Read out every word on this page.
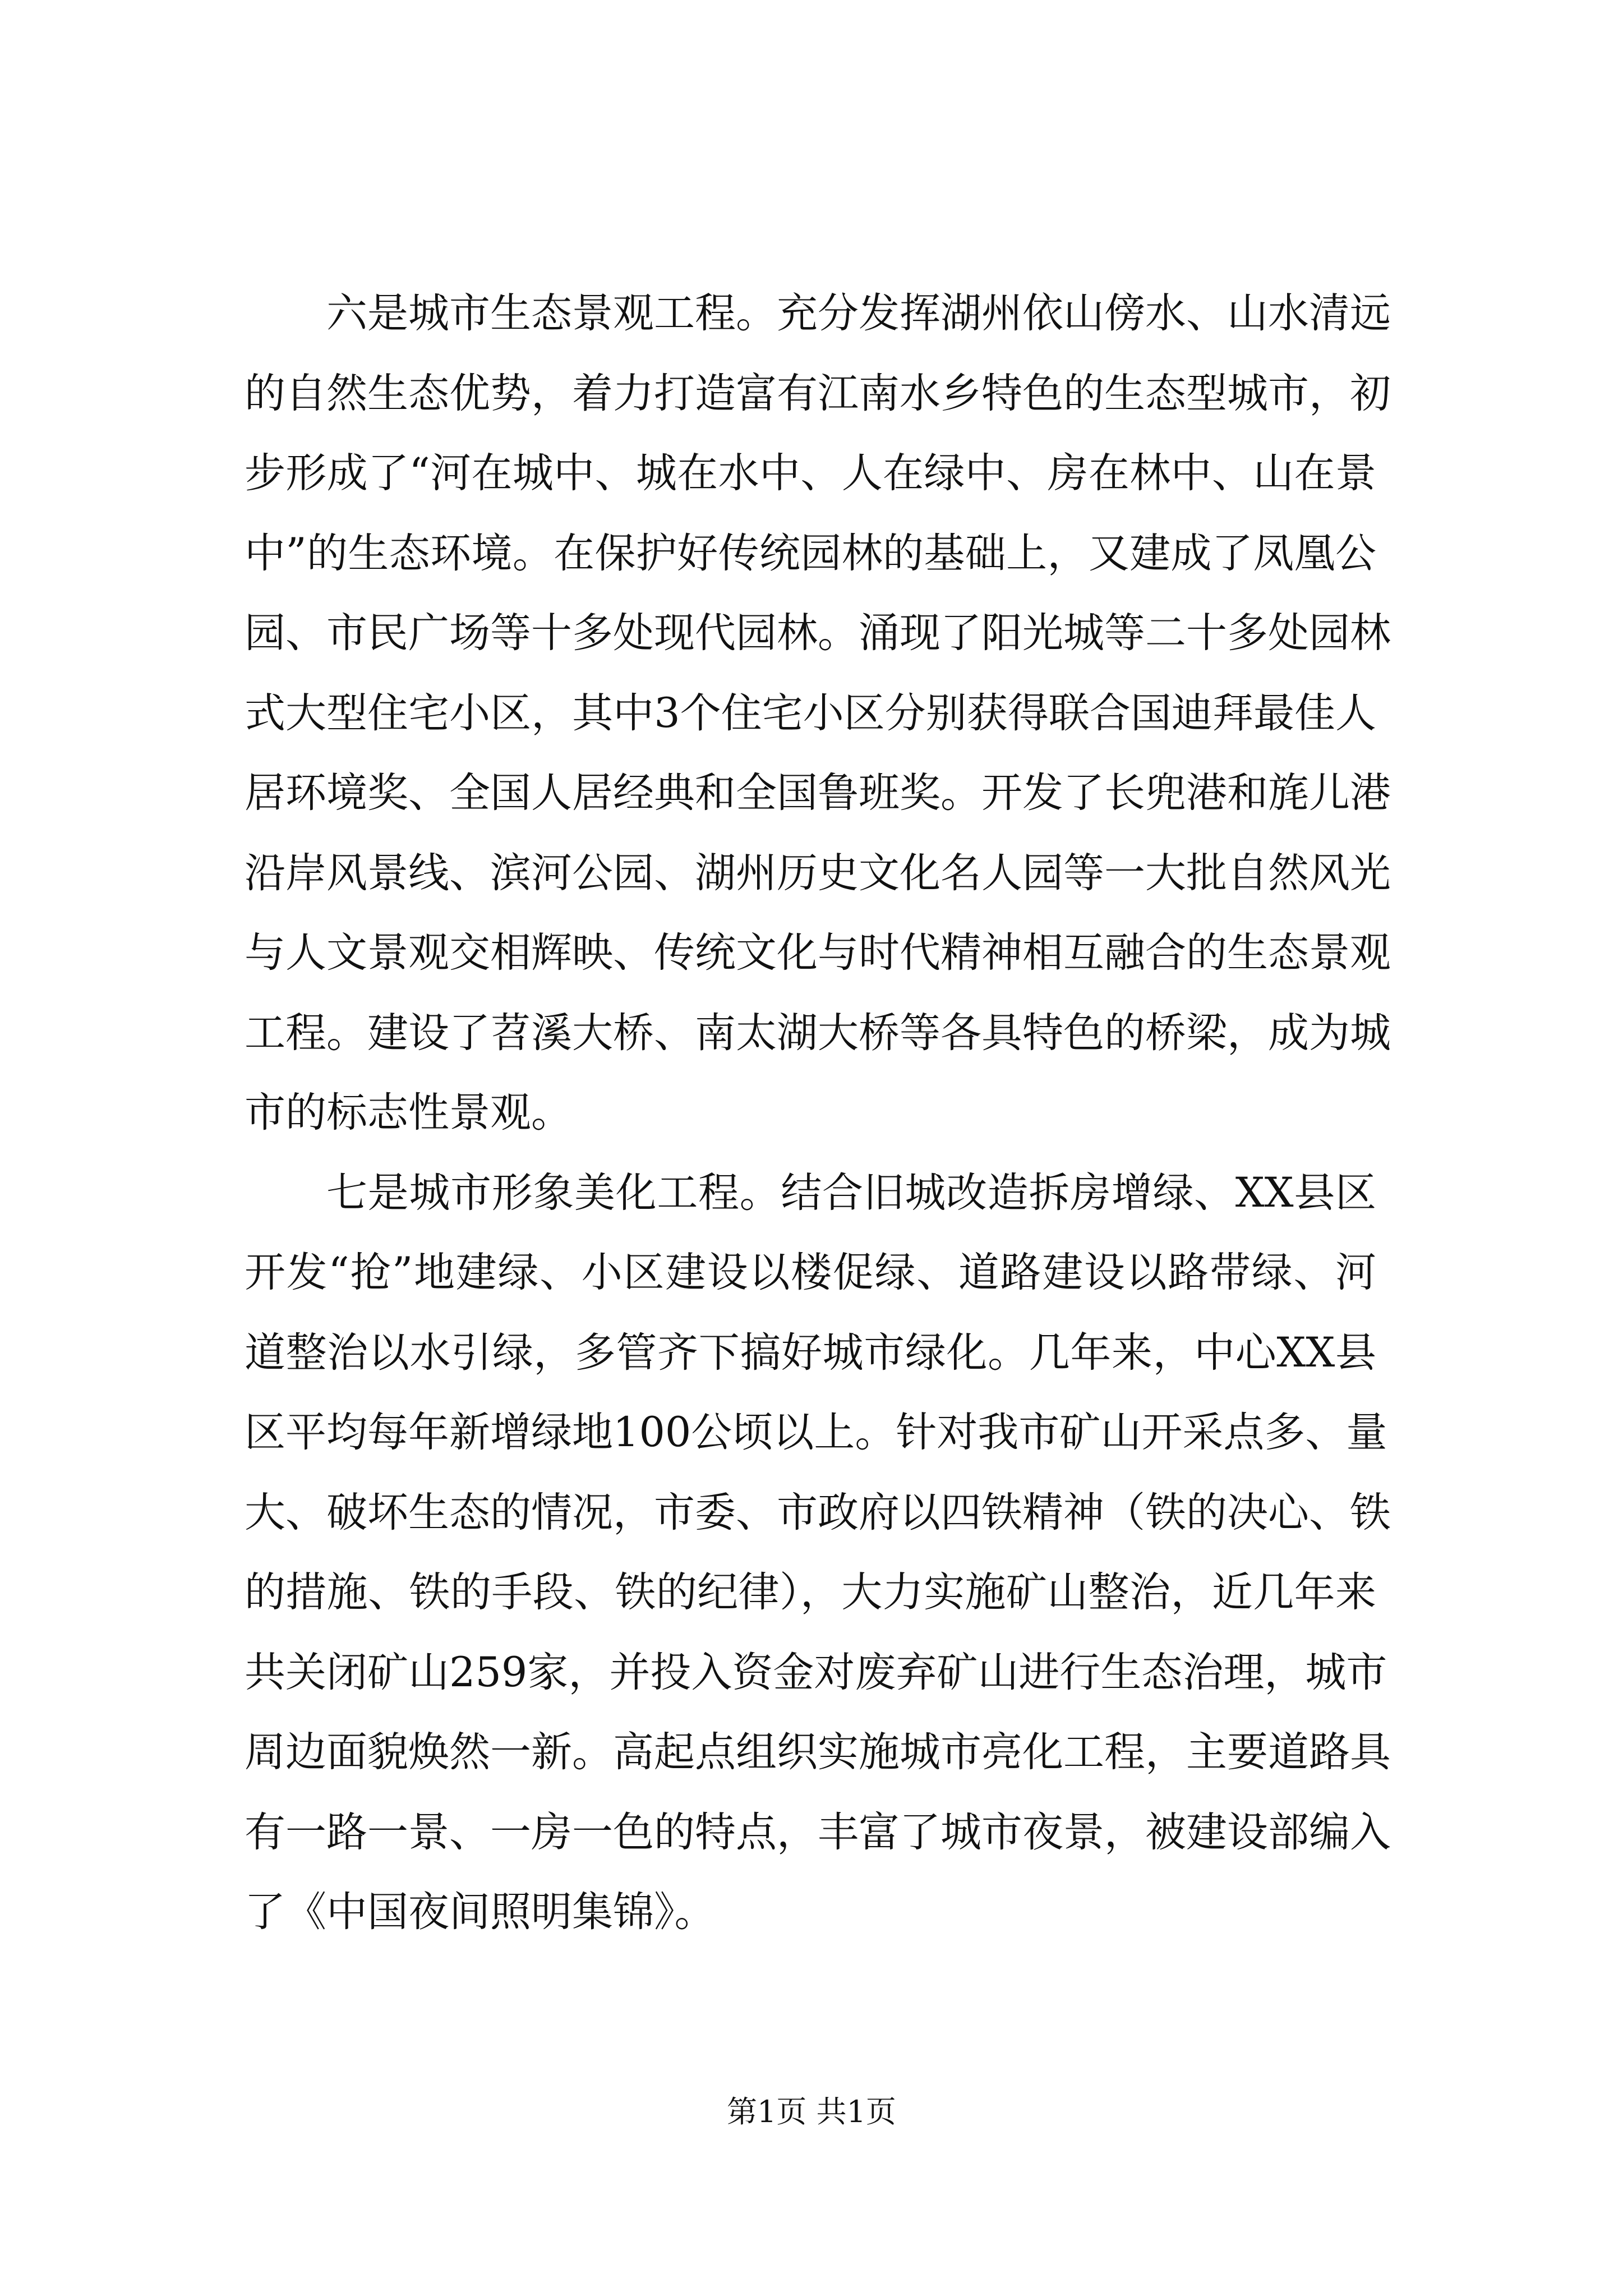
六是城市生态景观工程。充分发挥湖州依山傍水、山水清远
的自然生态优势，着力打造富有江南水乡特色的生态型城市，初
步形成了“河在城中、城在水中、人在绿中、房在林中、山在景
中”的生态环境。在保护好传统园林的基础上，又建成了凤凰公
园、市民广场等十多处现代园林。涌现了阳光城等二十多处园林
式大型住宅小区，其中3个住宅小区分别获得联合国迪拜最佳人
居环境奖、全国人居经典和全国鲁班奖。开发了长兜港和旄儿港
沿岸风景线、滨河公园、湖州历史文化名人园等一大批自然风光
与人文景观交相辉映、传统文化与时代精神相互融合的生态景观
工程。建设了苕溪大桥、南太湖大桥等各具特色的桥梁，成为城
市的标志性景观。
七是城市形象美化工程。结合旧城改造拆房增绿、XX县区
开发“抢”地建绿、小区建设以楼促绿、道路建设以路带绿、河
道整治以水引绿，多管齐下搞好城市绿化。几年来，中心XX县
区平均每年新增绿地100公顷以上。针对我市矿山开采点多、量
大、破坏生态的情况，市委、市政府以四铁精神（铁的决心、铁
的措施、铁的手段、铁的纪律），大力实施矿山整治，近几年来
共关闭矿山259家，并投入资金对废弃矿山进行生态治理，城市
周边面貌焕然一新。高起点组织实施城市亮化工程，主要道路具
有一路一景、一房一色的特点，丰富了城市夜景，被建设部编入
了《中国夜间照明集锦》。
第1页 共1页
